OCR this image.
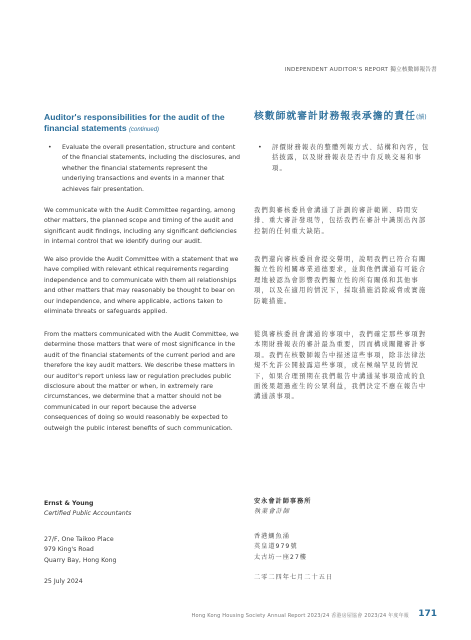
INDEPENDENT AUDITOR'S REPORT 獨立核數師報告書
Auditor's responsibilities for the audit of the financial statements (continued)
核數師就審計財務報表承擔的責任(續)
• Evaluate the overall presentation, structure and content of the financial statements, including the disclosures, and whether the financial statements represent the underlying transactions and events in a manner that achieves fair presentation.
• 評價財務報表的整體列報方式、結構和內容，包括披露，以及財務報表是否中肯反映交易和事項。
We communicate with the Audit Committee regarding, among other matters, the planned scope and timing of the audit and significant audit findings, including any significant deficiencies in internal control that we identify during our audit.
我們與審核委員會溝通了計劃的審計範圍、時間安排、重大審計發現等，包括我們在審計中識別出內部控制的任何重大缺陷。
We also provide the Audit Committee with a statement that we have complied with relevant ethical requirements regarding independence and to communicate with them all relationships and other matters that may reasonably be thought to bear on our independence, and where applicable, actions taken to eliminate threats or safeguards applied.
我們還向審核委員會提交聲明，說明我們已符合有關獨立性的相關專業道德要求，並與他們溝通有可能合理地被認為會影響我們獨立性的所有關係和其他事項，以及在適用的情況下，採取措施消除威脅或實施防範措施。
From the matters communicated with the Audit Committee, we determine those matters that were of most significance in the audit of the financial statements of the current period and are therefore the key audit matters. We describe these matters in our auditor's report unless law or regulation precludes public disclosure about the matter or when, in extremely rare circumstances, we determine that a matter should not be communicated in our report because the adverse consequences of doing so would reasonably be expected to outweigh the public interest benefits of such communication.
從與審核委員會溝通的事項中，我們確定那些事項對本期財務報表的審計最為重要，因而構成關鍵審計事項。我們在核數師報告中描述這些事項，除非法律法規不允許公開披露這些事項，或在極端罕見的情況下，如果合理預期在我們報告中溝通某事項造成的負面後果超過產生的公眾利益，我們決定不應在報告中溝通該事項。
Ernst & Young
Certified Public Accountants
27/F, One Taikoo Place
979 King's Road
Quarry Bay, Hong Kong
25 July 2024
安永會計師事務所
執業會計師
香港鰂魚涌
英皇道979號
太古坊一座27樓
二零二四年七月二十五日
Hong Kong Housing Society Annual Report 2023/24 香港房屋協會 2023/24 年度年報 171
